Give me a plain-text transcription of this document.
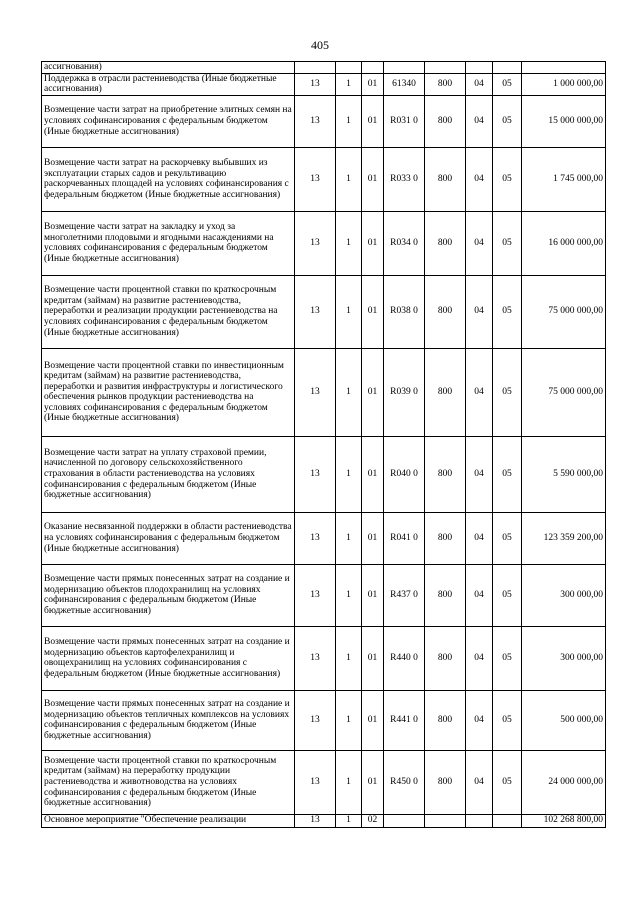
405
ассигнования)								
Поддержка в отрасли растениеводства (Иные бюджетные ассигнования)	13	1	01	61340	800	04	05	1 000 000,00
Возмещение части затрат на приобретение элитных семян на условиях софинансирования с федеральным бюджетом (Иные бюджетные ассигнования)	13	1	01	R031 0	800	04	05	15 000 000,00
Возмещение части затрат на раскорчевку выбывших из эксплуатации старых садов и рекультивацию раскорчеванных площадей на условиях софинансирования с федеральным бюджетом (Иные бюджетные ассигнования)	13	1	01	R033 0	800	04	05	1 745 000,00
Возмещение части затрат на закладку и уход за многолетними плодовыми и ягодными насаждениями на условиях софинансирования с федеральным бюджетом (Иные бюджетные ассигнования)	13	1	01	R034 0	800	04	05	16 000 000,00
Возмещение части процентной ставки по краткосрочным кредитам (займам) на развитие растениеводства, переработки и реализации продукции растениеводства на условиях софинансирования с федеральным бюджетом (Иные бюджетные ассигнования)	13	1	01	R038 0	800	04	05	75 000 000,00
Возмещение части процентной ставки по инвестиционным кредитам (займам) на развитие растениеводства, переработки и развития инфраструктуры и логистического обеспечения рынков продукции растениеводства на условиях софинансирования с федеральным бюджетом (Иные бюджетные ассигнования)	13	1	01	R039 0	800	04	05	75 000 000,00
Возмещение части затрат на уплату страховой премии, начисленной по договору сельскохозяйственного страхования в области растениеводства на условиях софинансирования с федеральным бюджетом (Иные бюджетные ассигнования)	13	1	01	R040 0	800	04	05	5 590 000,00
Оказание несвязанной поддержки в области растениеводства на условиях софинансирования с федеральным бюджетом (Иные бюджетные ассигнования)	13	1	01	R041 0	800	04	05	123 359 200,00
Возмещение части прямых понесенных затрат на создание и модернизацию объектов плодохранилищ на условиях софинансирования с федеральным бюджетом (Иные бюджетные ассигнования)	13	1	01	R437 0	800	04	05	300 000,00
Возмещение части прямых понесенных затрат на создание и модернизацию объектов картофелехранилищ и овощехранилищ на условиях софинансирования с федеральным бюджетом (Иные бюджетные ассигнования)	13	1	01	R440 0	800	04	05	300 000,00
Возмещение части прямых понесенных затрат на создание и модернизацию объектов тепличных комплексов на условиях софинансирования с федеральным бюджетом (Иные бюджетные ассигнования)	13	1	01	R441 0	800	04	05	500 000,00
Возмещение части процентной ставки по краткосрочным кредитам (займам) на переработку продукции растениеводства и животноводства на условиях софинансирования с федеральным бюджетом (Иные бюджетные ассигнования)	13	1	01	R450 0	800	04	05	24 000 000,00
Основное мероприятие "Обеспечение реализации	13	1	02					102 268 800,00
